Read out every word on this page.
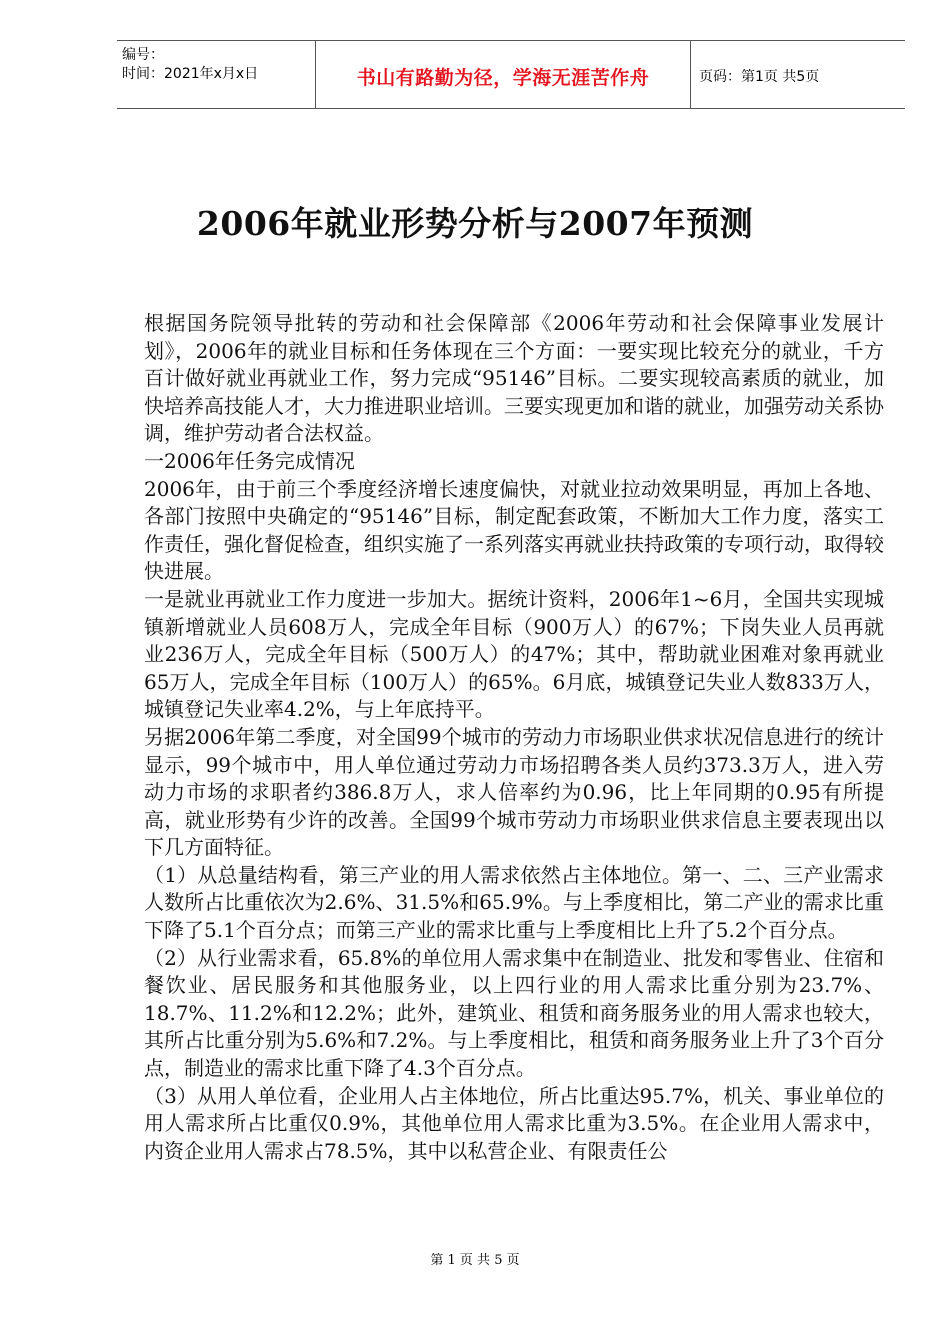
编号：
时间：2021年x月x日	书山有路勤为径，学海无涯苦作舟	页码：第1页 共5页
2006年就业形势分析与2007年预测

根据国务院领导批转的劳动和社会保障部《2006年劳动和社会保障事业发展计划》，2006年的就业目标和任务体现在三个方面：一要实现比较充分的就业，千方百计做好就业再就业工作，努力完成“95146”目标。二要实现较高素质的就业，加快培养高技能人才，大力推进职业培训。三要实现更加和谐的就业，加强劳动关系协调，维护劳动者合法权益。

一2006年任务完成情况

2006年，由于前三个季度经济增长速度偏快，对就业拉动效果明显，再加上各地、各部门按照中央确定的“95146”目标，制定配套政策，不断加大工作力度，落实工作责任，强化督促检查，组织实施了一系列落实再就业扶持政策的专项行动，取得较快进展。

一是就业再就业工作力度进一步加大。据统计资料，2006年1~6月，全国共实现城镇新增就业人员608万人，完成全年目标（900万人）的67%；下岗失业人员再就业236万人，完成全年目标（500万人）的47%；其中，帮助就业困难对象再就业65万人，完成全年目标（100万人）的65%。6月底，城镇登记失业人数833万人，城镇登记失业率4.2%，与上年底持平。

另据2006年第二季度，对全国99个城市的劳动力市场职业供求状况信息进行的统计显示，99个城市中，用人单位通过劳动力市场招聘各类人员约373.3万人，进入劳动力市场的求职者约386.8万人，求人倍率约为0.96，比上年同期的0.95有所提高，就业形势有少许的改善。全国99个城市劳动力市场职业供求信息主要表现出以下几方面特征。

（1）从总量结构看，第三产业的用人需求依然占主体地位。第一、二、三产业需求人数所占比重依次为2.6%、31.5%和65.9%。与上季度相比，第二产业的需求比重下降了5.1个百分点；而第三产业的需求比重与上季度相比上升了5.2个百分点。

（2）从行业需求看，65.8%的单位用人需求集中在制造业、批发和零售业、住宿和餐饮业、居民服务和其他服务业，以上四行业的用人需求比重分别为23.7%、18.7%、11.2%和12.2%；此外，建筑业、租赁和商务服务业的用人需求也较大，其所占比重分别为5.6%和7.2%。与上季度相比，租赁和商务服务业上升了3个百分点，制造业的需求比重下降了4.3个百分点。

（3）从用人单位看，企业用人占主体地位，所占比重达95.7%，机关、事业单位的用人需求所占比重仅0.9%，其他单位用人需求比重为3.5%。在企业用人需求中，内资企业用人需求占78.5%，其中以私营企业、有限责任公

第 1 页 共 5 页
